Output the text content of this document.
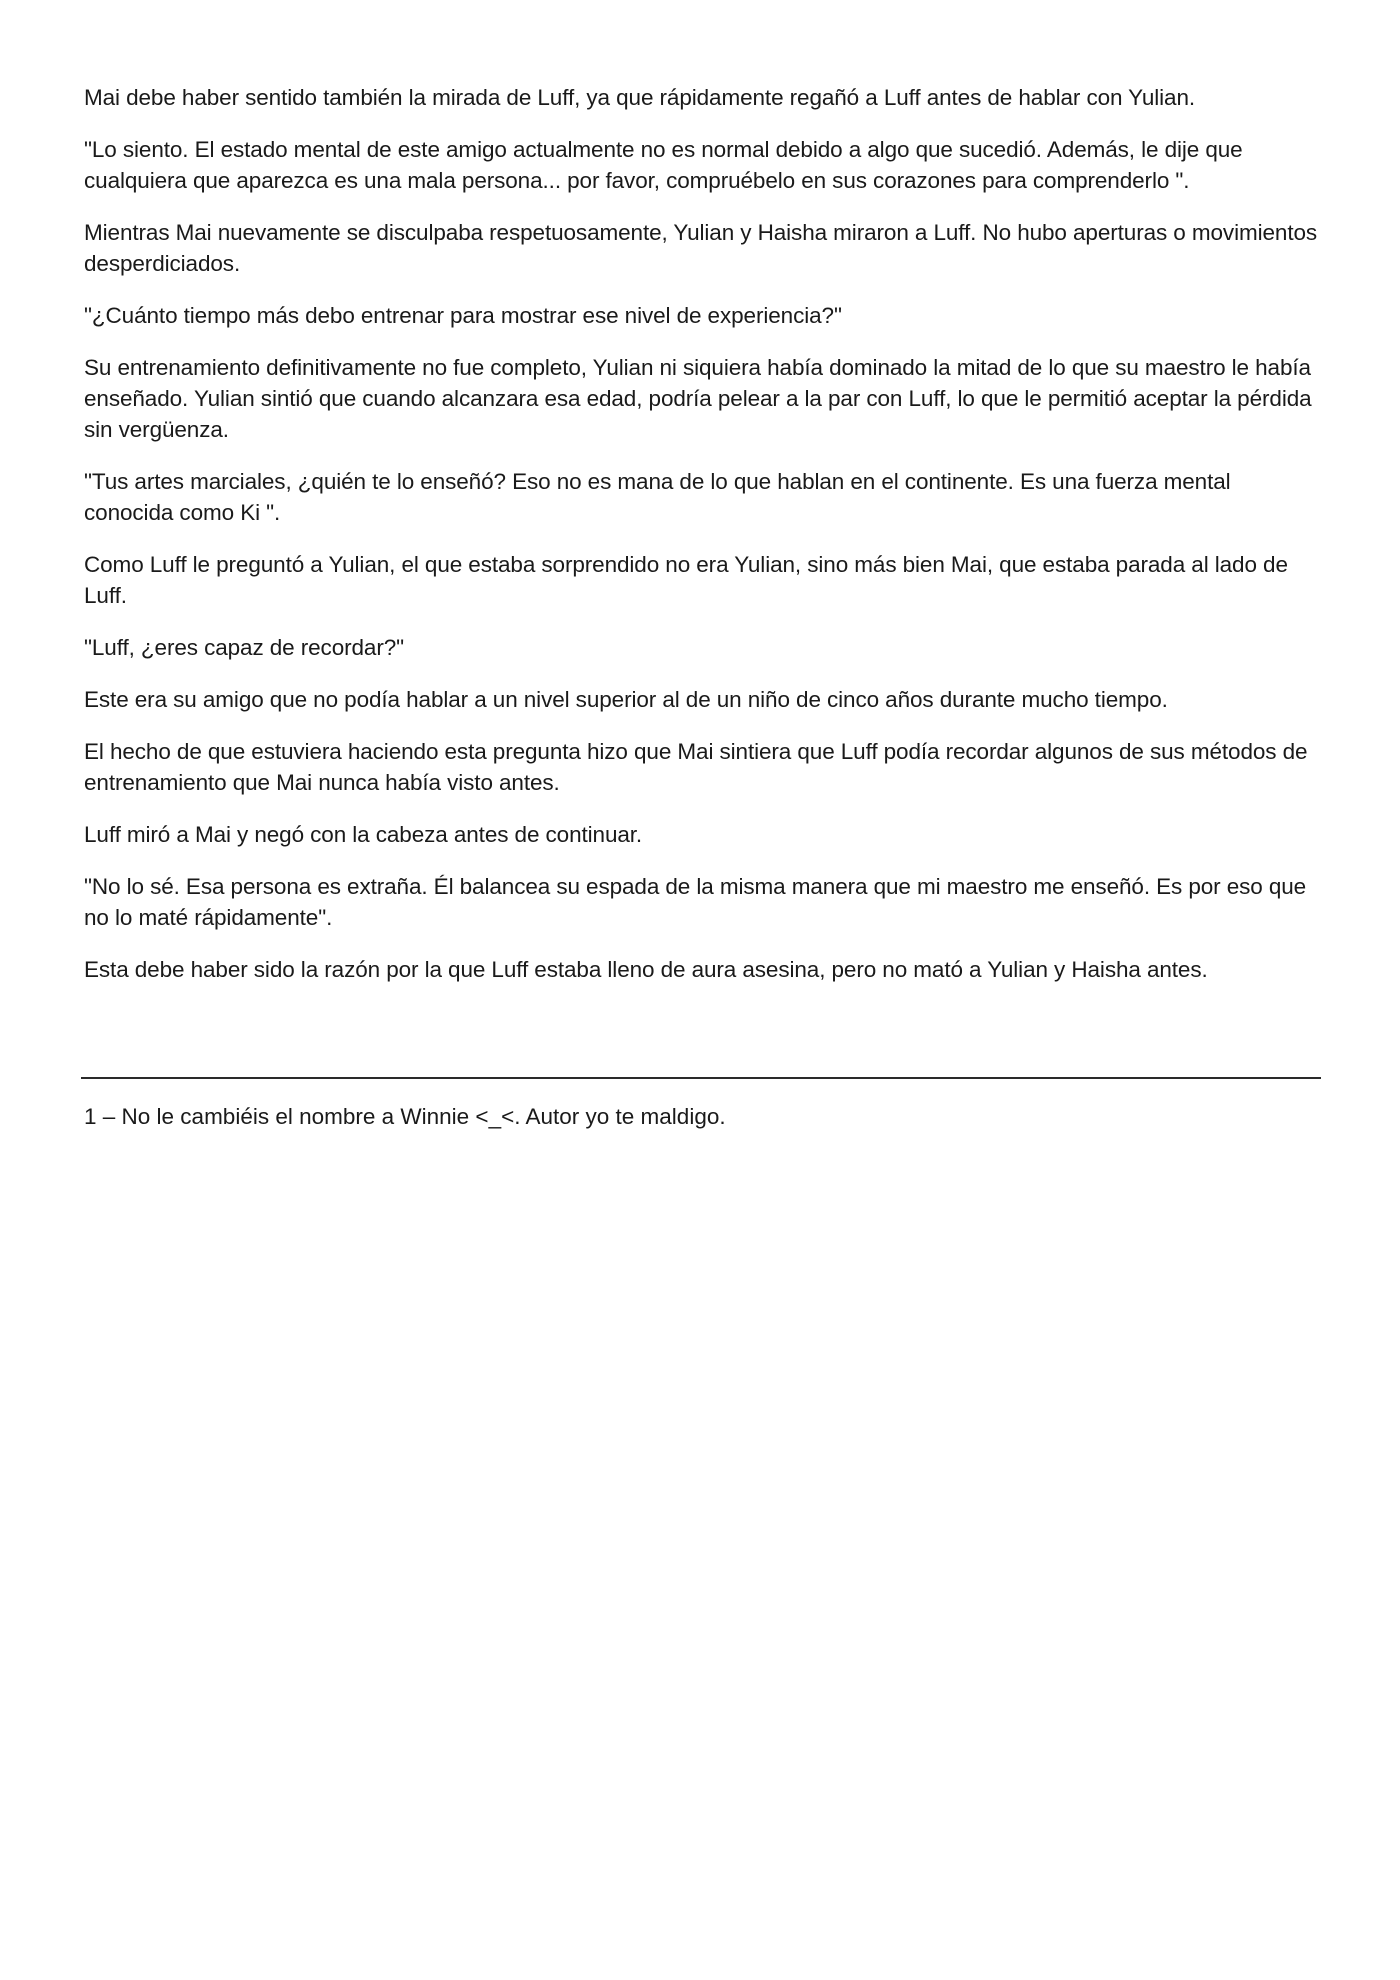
Mai debe haber sentido también la mirada de Luff, ya que rápidamente regañó a Luff antes de hablar con Yulian.

"Lo siento. El estado mental de este amigo actualmente no es normal debido a algo que sucedió. Además, le dije que cualquiera que aparezca es una mala persona... por favor, compruébelo en sus corazones para comprenderlo ".

Mientras Mai nuevamente se disculpaba respetuosamente, Yulian y Haisha miraron a Luff. No hubo aperturas o movimientos desperdiciados.

"¿Cuánto tiempo más debo entrenar para mostrar ese nivel de experiencia?"

Su entrenamiento definitivamente no fue completo, Yulian ni siquiera había dominado la mitad de lo que su maestro le había enseñado. Yulian sintió que cuando alcanzara esa edad, podría pelear a la par con Luff, lo que le permitió aceptar la pérdida sin vergüenza.

"Tus artes marciales, ¿quién te lo enseñó? Eso no es mana de lo que hablan en el continente. Es una fuerza mental conocida como Ki ".

Como Luff le preguntó a Yulian, el que estaba sorprendido no era Yulian, sino más bien Mai, que estaba parada al lado de Luff.

"Luff, ¿eres capaz de recordar?"

Este era su amigo que no podía hablar a un nivel superior al de un niño de cinco años durante mucho tiempo.

El hecho de que estuviera haciendo esta pregunta hizo que Mai sintiera que Luff podía recordar algunos de sus métodos de entrenamiento que Mai nunca había visto antes.

Luff miró a Mai y negó con la cabeza antes de continuar.

"No lo sé. Esa persona es extraña. Él balancea su espada de la misma manera que mi maestro me enseñó. Es por eso que no lo maté rápidamente".

Esta debe haber sido la razón por la que Luff estaba lleno de aura asesina, pero no mató a Yulian y Haisha antes.

1 – No le cambiéis el nombre a Winnie <_<. Autor yo te maldigo.
